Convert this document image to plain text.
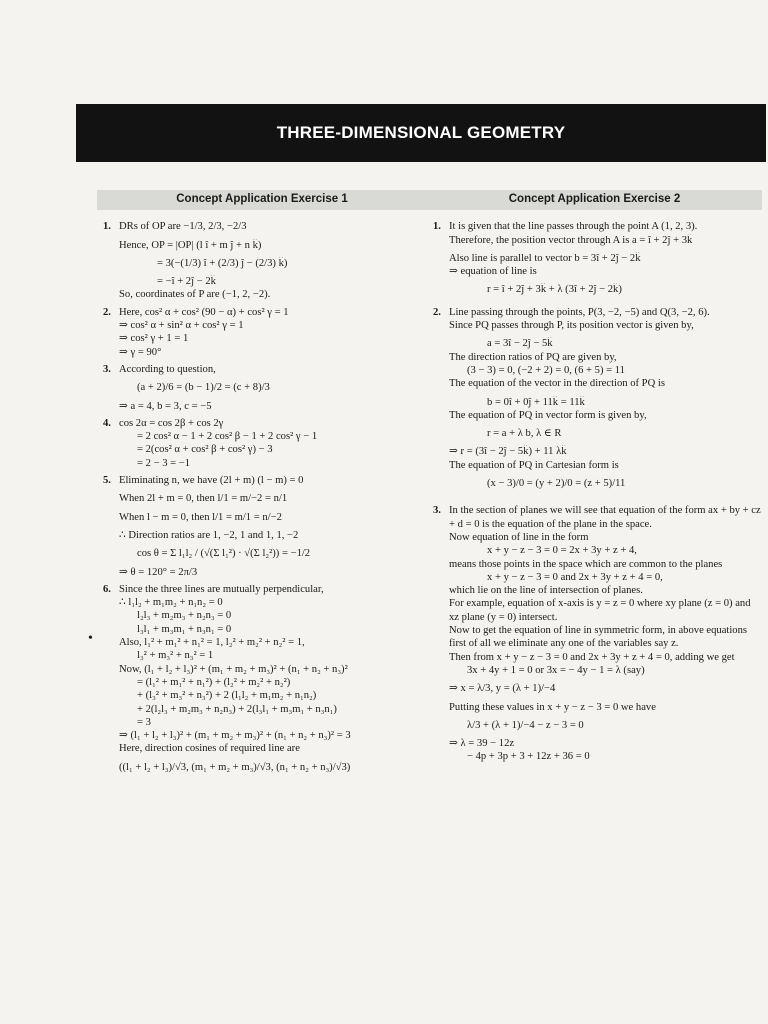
THREE-DIMENSIONAL GEOMETRY
•
Concept Application Exercise 1
1. DRs of OP are −1/3, 2/3, −2/3
Hence, OP = |OP| (l î + m ĵ + n k̂)
= 3(−(1/3) î + (2/3) ĵ − (2/3) k̂)
= −î + 2ĵ − 2k̂
So, coordinates of P are (−1, 2, −2).
2. Here, cos² α + cos² (90 − α) + cos² γ = 1
⇒ cos² α + sin² α + cos² γ = 1
⇒ cos² γ + 1 = 1
⇒ γ = 90°
3. According to question,
(a + 2)/6 = (b − 1)/2 = (c + 8)/3
⇒ a = 4, b = 3, c = −5
4. cos 2α = cos 2β + cos 2γ
= 2 cos² α − 1 + 2 cos² β − 1 + 2 cos² γ − 1
= 2(cos² α + cos² β + cos² γ) − 3
= 2 − 3 = −1
5. Eliminating n, we have (2l + m) (l − m) = 0
When 2l + m = 0, then l/1 = m/−2 = n/1
When l − m = 0, then l/1 = m/1 = n/−2
∴ Direction ratios are 1, −2, 1 and 1, 1, −2
cos θ = Σ l₁l₂ / (√(Σ l₁²) · √(Σ l₂²)) = −1/2
⇒ θ = 120° = 2π/3
6. Since the three lines are mutually perpendicular,
∴ l₁l₂ + m₁m₂ + n₁n₂ = 0
l₂l₃ + m₂m₃ + n₂n₃ = 0
l₃l₁ + m₃m₁ + n₃n₁ = 0
Also, l₁² + m₁² + n₁² = 1, l₂² + m₂² + n₂² = 1,
l₃² + m₃² + n₃² = 1
Now, (l₁ + l₂ + l₃)² + (m₁ + m₂ + m₃)² + (n₁ + n₂ + n₃)²
= (l₁² + m₁² + n₁²) + (l₂² + m₂² + n₂²)
+ (l₃² + m₃² + n₃²) + 2 (l₁l₂ + m₁m₂ + n₁n₂)
+ 2(l₂l₃ + m₂m₃ + n₂n₃) + 2(l₃l₁ + m₃m₁ + n₃n₁)
= 3
⇒ (l₁ + l₂ + l₃)² + (m₁ + m₂ + m₃)² + (n₁ + n₂ + n₃)² = 3
Here, direction cosines of required line are
((l₁ + l₂ + l₃)/√3, (m₁ + m₂ + m₃)/√3, (n₁ + n₂ + n₃)/√3)
Concept Application Exercise 2
1. It is given that the line passes through the point A (1, 2, 3).
Therefore, the position vector through A is a = î + 2ĵ + 3k̂
Also line is parallel to vector b = 3î + 2ĵ − 2k̂
⇒ equation of line is
r = î + 2ĵ + 3k̂ + λ (3î + 2ĵ − 2k̂)
2. Line passing through the points, P(3, −2, −5) and Q(3, −2, 6).
Since PQ passes through P, its position vector is given by,
a = 3î − 2ĵ − 5k̂
The direction ratios of PQ are given by,
(3 − 3) = 0, (−2 + 2) = 0, (6 + 5) = 11
The equation of the vector in the direction of PQ is
b = 0î + 0ĵ + 11k̂ = 11k̂
The equation of PQ in vector form is given by,
r = a + λ b, λ ∈ R
⇒ r = (3î − 2ĵ − 5k̂) + 11 λk̂
The equation of PQ in Cartesian form is
(x − 3)/0 = (y + 2)/0 = (z + 5)/11
3. In the section of planes we will see that equation of the form ax + by + cz + d = 0 is the equation of the plane in the space.
Now equation of line in the form
x + y − z − 3 = 0 = 2x + 3y + z + 4,
means those points in the space which are common to the planes
x + y − z − 3 = 0 and 2x + 3y + z + 4 = 0,
which lie on the line of intersection of planes.
For example, equation of x-axis is y = z = 0 where xy plane (z = 0) and xz plane (y = 0) intersect.
Now to get the equation of line in symmetric form, in above equations first of all we eliminate any one of the variables say z.
Then from x + y − z − 3 = 0 and 2x + 3y + z + 4 = 0, adding we get
3x + 4y + 1 = 0 or 3x = − 4y − 1 = λ (say)
⇒ x = λ/3, y = (λ + 1)/−4
Putting these values in x + y − z − 3 = 0 we have
λ/3 + (λ + 1)/−4 − z − 3 = 0
⇒ λ = 39 − 12z
− 4p + 3p + 3 + 12z + 36 = 0
